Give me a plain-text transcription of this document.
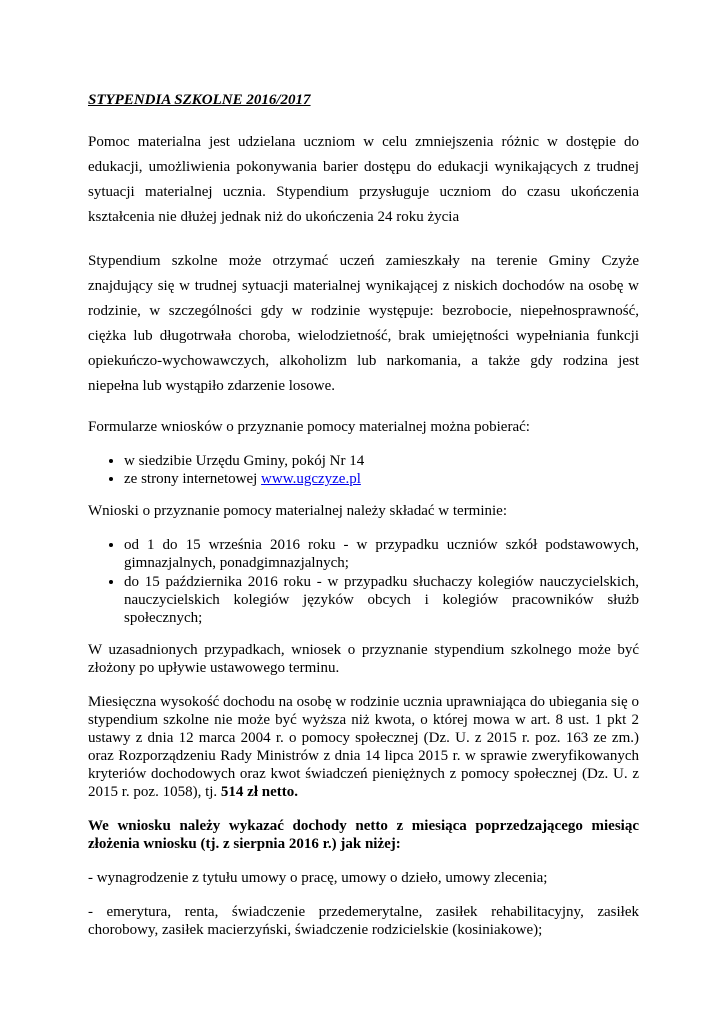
STYPENDIA SZKOLNE 2016/2017

Pomoc materialna jest udzielana uczniom w celu zmniejszenia różnic w dostępie do edukacji, umożliwienia pokonywania barier dostępu do edukacji wynikających z trudnej sytuacji materialnej ucznia. Stypendium przysługuje uczniom do czasu ukończenia kształcenia nie dłużej jednak niż do ukończenia 24 roku życia

Stypendium szkolne może otrzymać uczeń zamieszkały na terenie Gminy Czyże znajdujący się w trudnej sytuacji materialnej wynikającej z niskich dochodów na osobę w rodzinie, w szczególności gdy w rodzinie występuje: bezrobocie, niepełnosprawność, ciężka lub długotrwała choroba, wielodzietność, brak umiejętności wypełniania funkcji opiekuńczo-wychowawczych, alkoholizm lub narkomania, a także gdy rodzina jest niepełna lub wystąpiło zdarzenie losowe.

Formularze wniosków o przyznanie pomocy materialnej można pobierać:

• w siedzibie Urzędu Gminy, pokój Nr 14
• ze strony internetowej www.ugczyze.pl

Wnioski o przyznanie pomocy materialnej należy składać w terminie:

• od 1 do 15 września 2016 roku - w przypadku uczniów szkół podstawowych, gimnazjalnych, ponadgimnazjalnych;
• do 15 października 2016 roku - w przypadku słuchaczy kolegiów nauczycielskich, nauczycielskich kolegiów języków obcych i kolegiów pracowników służb społecznych;

W uzasadnionych przypadkach, wniosek o przyznanie stypendium szkolnego może być złożony po upływie ustawowego terminu.

Miesięczna wysokość dochodu na osobę w rodzinie ucznia uprawniająca do ubiegania się o stypendium szkolne nie może być wyższa niż kwota, o której mowa w art. 8 ust. 1 pkt 2 ustawy z dnia 12 marca 2004 r. o pomocy społecznej (Dz. U. z 2015 r. poz. 163 ze zm.) oraz Rozporządzeniu Rady Ministrów z dnia 14 lipca 2015 r. w sprawie zweryfikowanych kryteriów dochodowych oraz kwot świadczeń pieniężnych z pomocy społecznej (Dz. U. z 2015 r. poz. 1058), tj. 514 zł netto.

We wniosku należy wykazać dochody netto z miesiąca poprzedzającego miesiąc złożenia wniosku (tj. z sierpnia 2016 r.) jak niżej:

- wynagrodzenie z tytułu umowy o pracę, umowy o dzieło, umowy zlecenia;

- emerytura, renta, świadczenie przedemerytalne, zasiłek rehabilitacyjny, zasiłek chorobowy, zasiłek macierzyński, świadczenie rodzicielskie (kosiniakowe);
